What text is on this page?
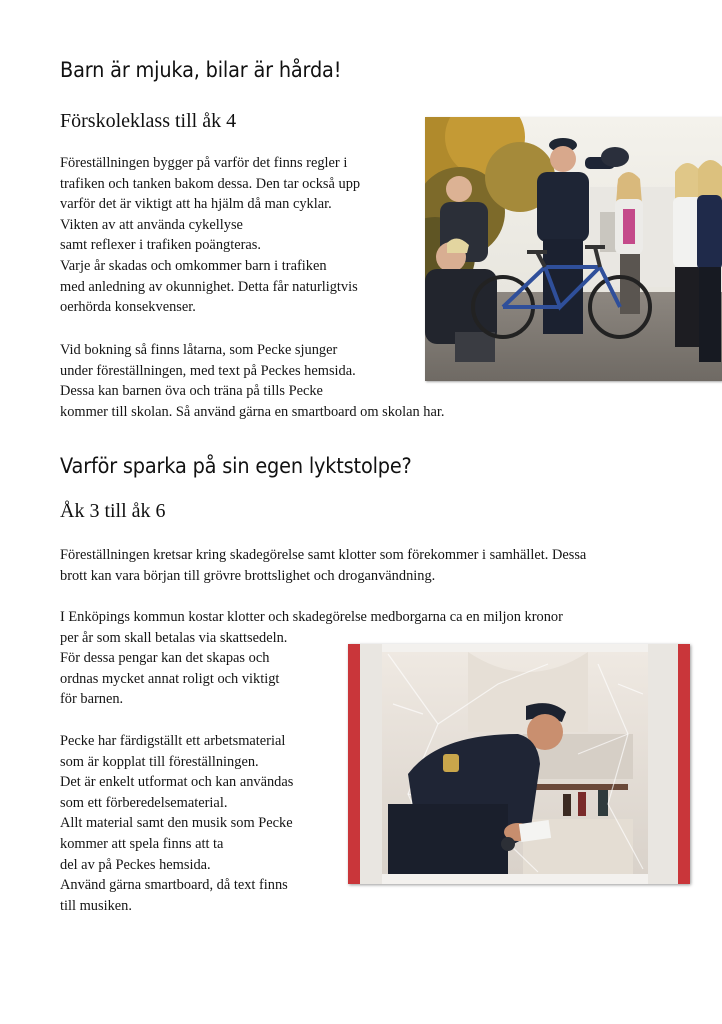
Barn är mjuka, bilar är hårda!
Förskoleklass till åk 4
Föreställningen bygger på varför det finns regler i
trafiken och tanken bakom dessa. Den tar också upp
varför det är viktigt att ha hjälm då man cyklar.
Vikten av att använda cykellyse
samt reflexer i trafiken poängteras.
Varje år skadas och omkommer barn i trafiken
med anledning av okunnighet. Detta får naturligtvis
oerhörda konsekvenser.
Vid bokning så finns låtarna, som Pecke sjunger
under föreställningen, med text på Peckes hemsida.
Dessa kan barnen öva och träna på tills Pecke
kommer till skolan. Så använd gärna en smartboard om skolan har.
Varför sparka på sin egen lyktstolpe?
Åk 3 till åk 6
Föreställningen kretsar kring skadegörelse samt klotter som förekommer i samhället. Dessa
brott kan vara början till grövre brottslighet och droganvändning.
I Enköpings kommun kostar klotter och skadegörelse medborgarna ca en miljon kronor
per år som skall betalas via skattsedeln.
För dessa pengar kan det skapas och
ordnas mycket annat roligt och viktigt
för barnen.
Pecke har färdigställt ett arbetsmaterial
som är kopplat till föreställningen.
Det är enkelt utformat och kan användas
som ett förberedelsematerial.
Allt material samt den musik som Pecke
kommer att spela finns att ta
del av på Peckes hemsida.
Använd gärna smartboard, då text finns
till musiken.
